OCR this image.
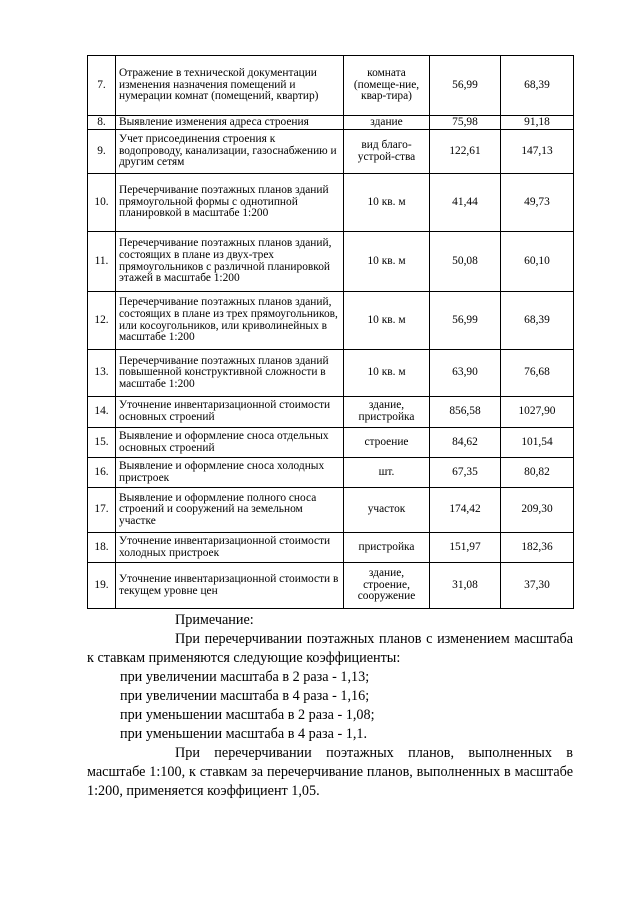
7.	Отражение в технической документации изменения назначения помещений и нумерации комнат (помещений, квартир)	комната (помеще-ние, квар-тира)	56,99	68,39
8.	Выявление изменения адреса строения	здание	75,98	91,18
9.	Учет присоединения строения к водопроводу, канализации, газоснабжению и другим сетям	вид благо-устрой-ства	122,61	147,13
10.	Перечерчивание поэтажных планов зданий прямоугольной формы с однотипной планировкой в масштабе 1:200	10 кв. м	41,44	49,73
11.	Перечерчивание поэтажных планов зданий, состоящих в плане из двух-трех прямоугольников с различной планировкой этажей в масштабе 1:200	10 кв. м	50,08	60,10
12.	Перечерчивание поэтажных планов зданий, состоящих в плане из трех прямоугольников, или косоугольников, или криволинейных в масштабе 1:200	10 кв. м	56,99	68,39
13.	Перечерчивание поэтажных планов зданий повышенной конструктивной сложности в масштабе 1:200	10 кв. м	63,90	76,68
14.	Уточнение инвентаризационной стоимости основных строений	здание, пристройка	856,58	1027,90
15.	Выявление и оформление сноса отдельных основных строений	строение	84,62	101,54
16.	Выявление и оформление сноса холодных пристроек	шт.	67,35	80,82
17.	Выявление и оформление полного сноса строений и сооружений на земельном участке	участок	174,42	209,30
18.	Уточнение инвентаризационной стоимости холодных пристроек	пристройка	151,97	182,36
19.	Уточнение инвентаризационной стоимости в текущем уровне цен	здание, строение, сооружение	31,08	37,30

Примечание:

При перечерчивании поэтажных планов с изменением масштаба к ставкам применяются следующие коэффициенты:

при увеличении масштаба в 2 раза - 1,13;

при увеличении масштаба в 4 раза - 1,16;

при уменьшении масштаба в 2 раза - 1,08;

при уменьшении масштаба в 4 раза - 1,1.

При перечерчивании поэтажных планов, выполненных в масштабе 1:100, к ставкам за перечерчивание планов, выполненных в масштабе 1:200, применяется коэффициент 1,05.
